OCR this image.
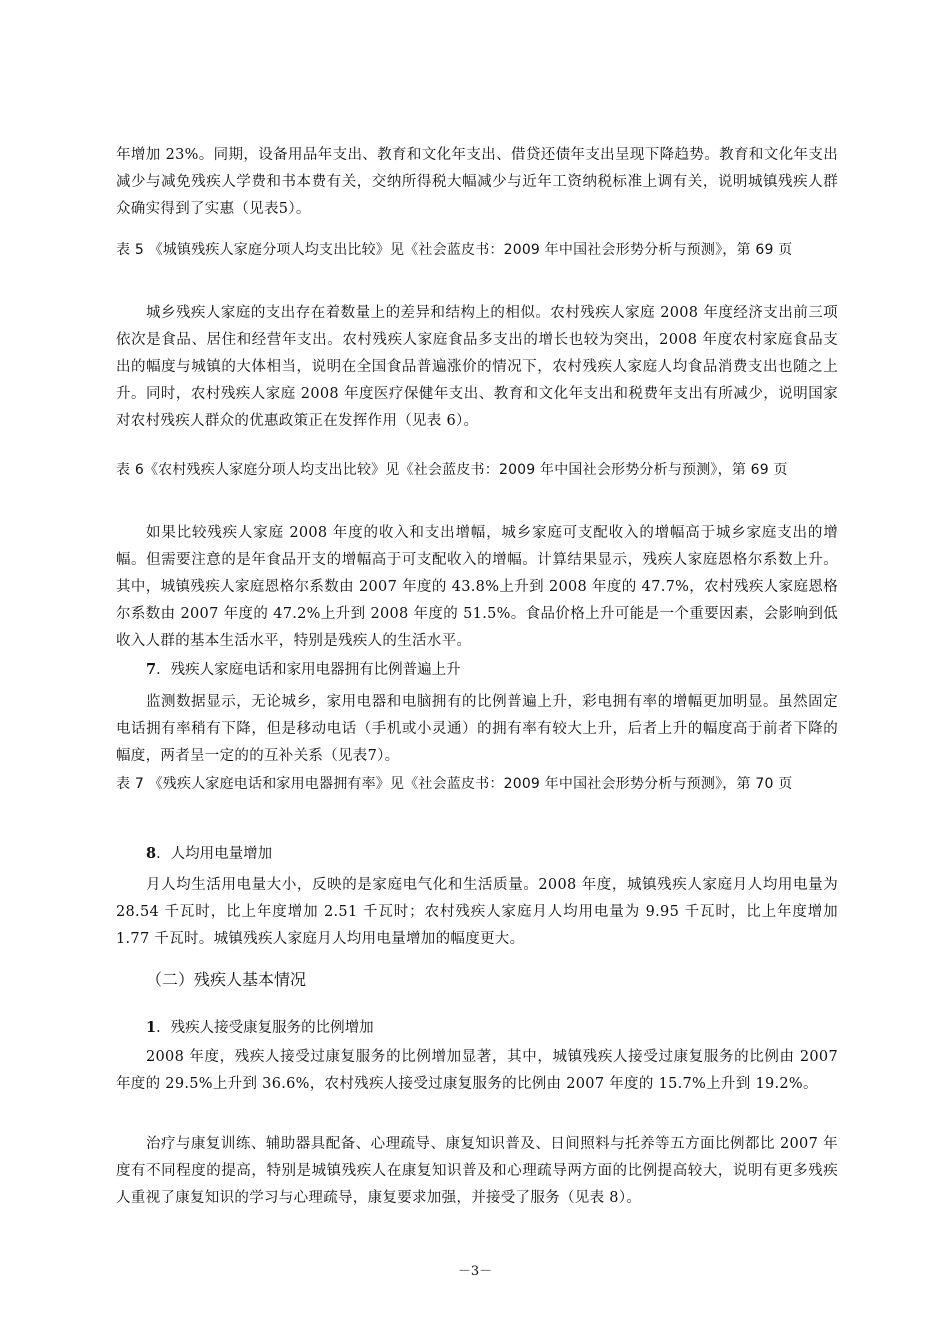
年增加 23%。同期，设备用品年支出、教育和文化年支出、借贷还债年支出呈现下降趋势。教育和文化年支出减少与减免残疾人学费和书本费有关，交纳所得税大幅减少与近年工资纳税标准上调有关，说明城镇残疾人群众确实得到了实惠（见表5）。

表 5 《城镇残疾人家庭分项人均支出比较》见《社会蓝皮书：2009 年中国社会形势分析与预测》，第 69 页

城乡残疾人家庭的支出存在着数量上的差异和结构上的相似。农村残疾人家庭 2008 年度经济支出前三项依次是食品、居住和经营年支出。农村残疾人家庭食品多支出的增长也较为突出，2008 年度农村家庭食品支出的幅度与城镇的大体相当，说明在全国食品普遍涨价的情况下，农村残疾人家庭人均食品消费支出也随之上升。同时，农村残疾人家庭 2008 年度医疗保健年支出、教育和文化年支出和税费年支出有所减少，说明国家对农村残疾人群众的优惠政策正在发挥作用（见表 6）。

表 6《农村残疾人家庭分项人均支出比较》见《社会蓝皮书：2009 年中国社会形势分析与预测》，第 69 页

如果比较残疾人家庭 2008 年度的收入和支出增幅，城乡家庭可支配收入的增幅高于城乡家庭支出的增幅。但需要注意的是年食品开支的增幅高于可支配收入的增幅。计算结果显示，残疾人家庭恩格尔系数上升。其中，城镇残疾人家庭恩格尔系数由 2007 年度的 43.8%上升到 2008 年度的 47.7%，农村残疾人家庭恩格尔系数由 2007 年度的 47.2%上升到 2008 年度的 51.5%。食品价格上升可能是一个重要因素，会影响到低收入人群的基本生活水平，特别是残疾人的生活水平。

7．残疾人家庭电话和家用电器拥有比例普遍上升

监测数据显示，无论城乡，家用电器和电脑拥有的比例普遍上升，彩电拥有率的增幅更加明显。虽然固定电话拥有率稍有下降，但是移动电话（手机或小灵通）的拥有率有较大上升，后者上升的幅度高于前者下降的幅度，两者呈一定的的互补关系（见表7）。

表 7 《残疾人家庭电话和家用电器拥有率》见《社会蓝皮书：2009 年中国社会形势分析与预测》，第 70 页

8．人均用电量增加

月人均生活用电量大小，反映的是家庭电气化和生活质量。2008 年度，城镇残疾人家庭月人均用电量为 28.54 千瓦时，比上年度增加 2.51 千瓦时；农村残疾人家庭月人均用电量为 9.95 千瓦时，比上年度增加 1.77 千瓦时。城镇残疾人家庭月人均用电量增加的幅度更大。

（二）残疾人基本情况

1．残疾人接受康复服务的比例增加

2008 年度，残疾人接受过康复服务的比例增加显著，其中，城镇残疾人接受过康复服务的比例由 2007 年度的 29.5%上升到 36.6%，农村残疾人接受过康复服务的比例由 2007 年度的 15.7%上升到 19.2%。

治疗与康复训练、辅助器具配备、心理疏导、康复知识普及、日间照料与托养等五方面比例都比 2007 年度有不同程度的提高，特别是城镇残疾人在康复知识普及和心理疏导两方面的比例提高较大，说明有更多残疾人重视了康复知识的学习与心理疏导，康复要求加强，并接受了服务（见表 8）。

－3－
